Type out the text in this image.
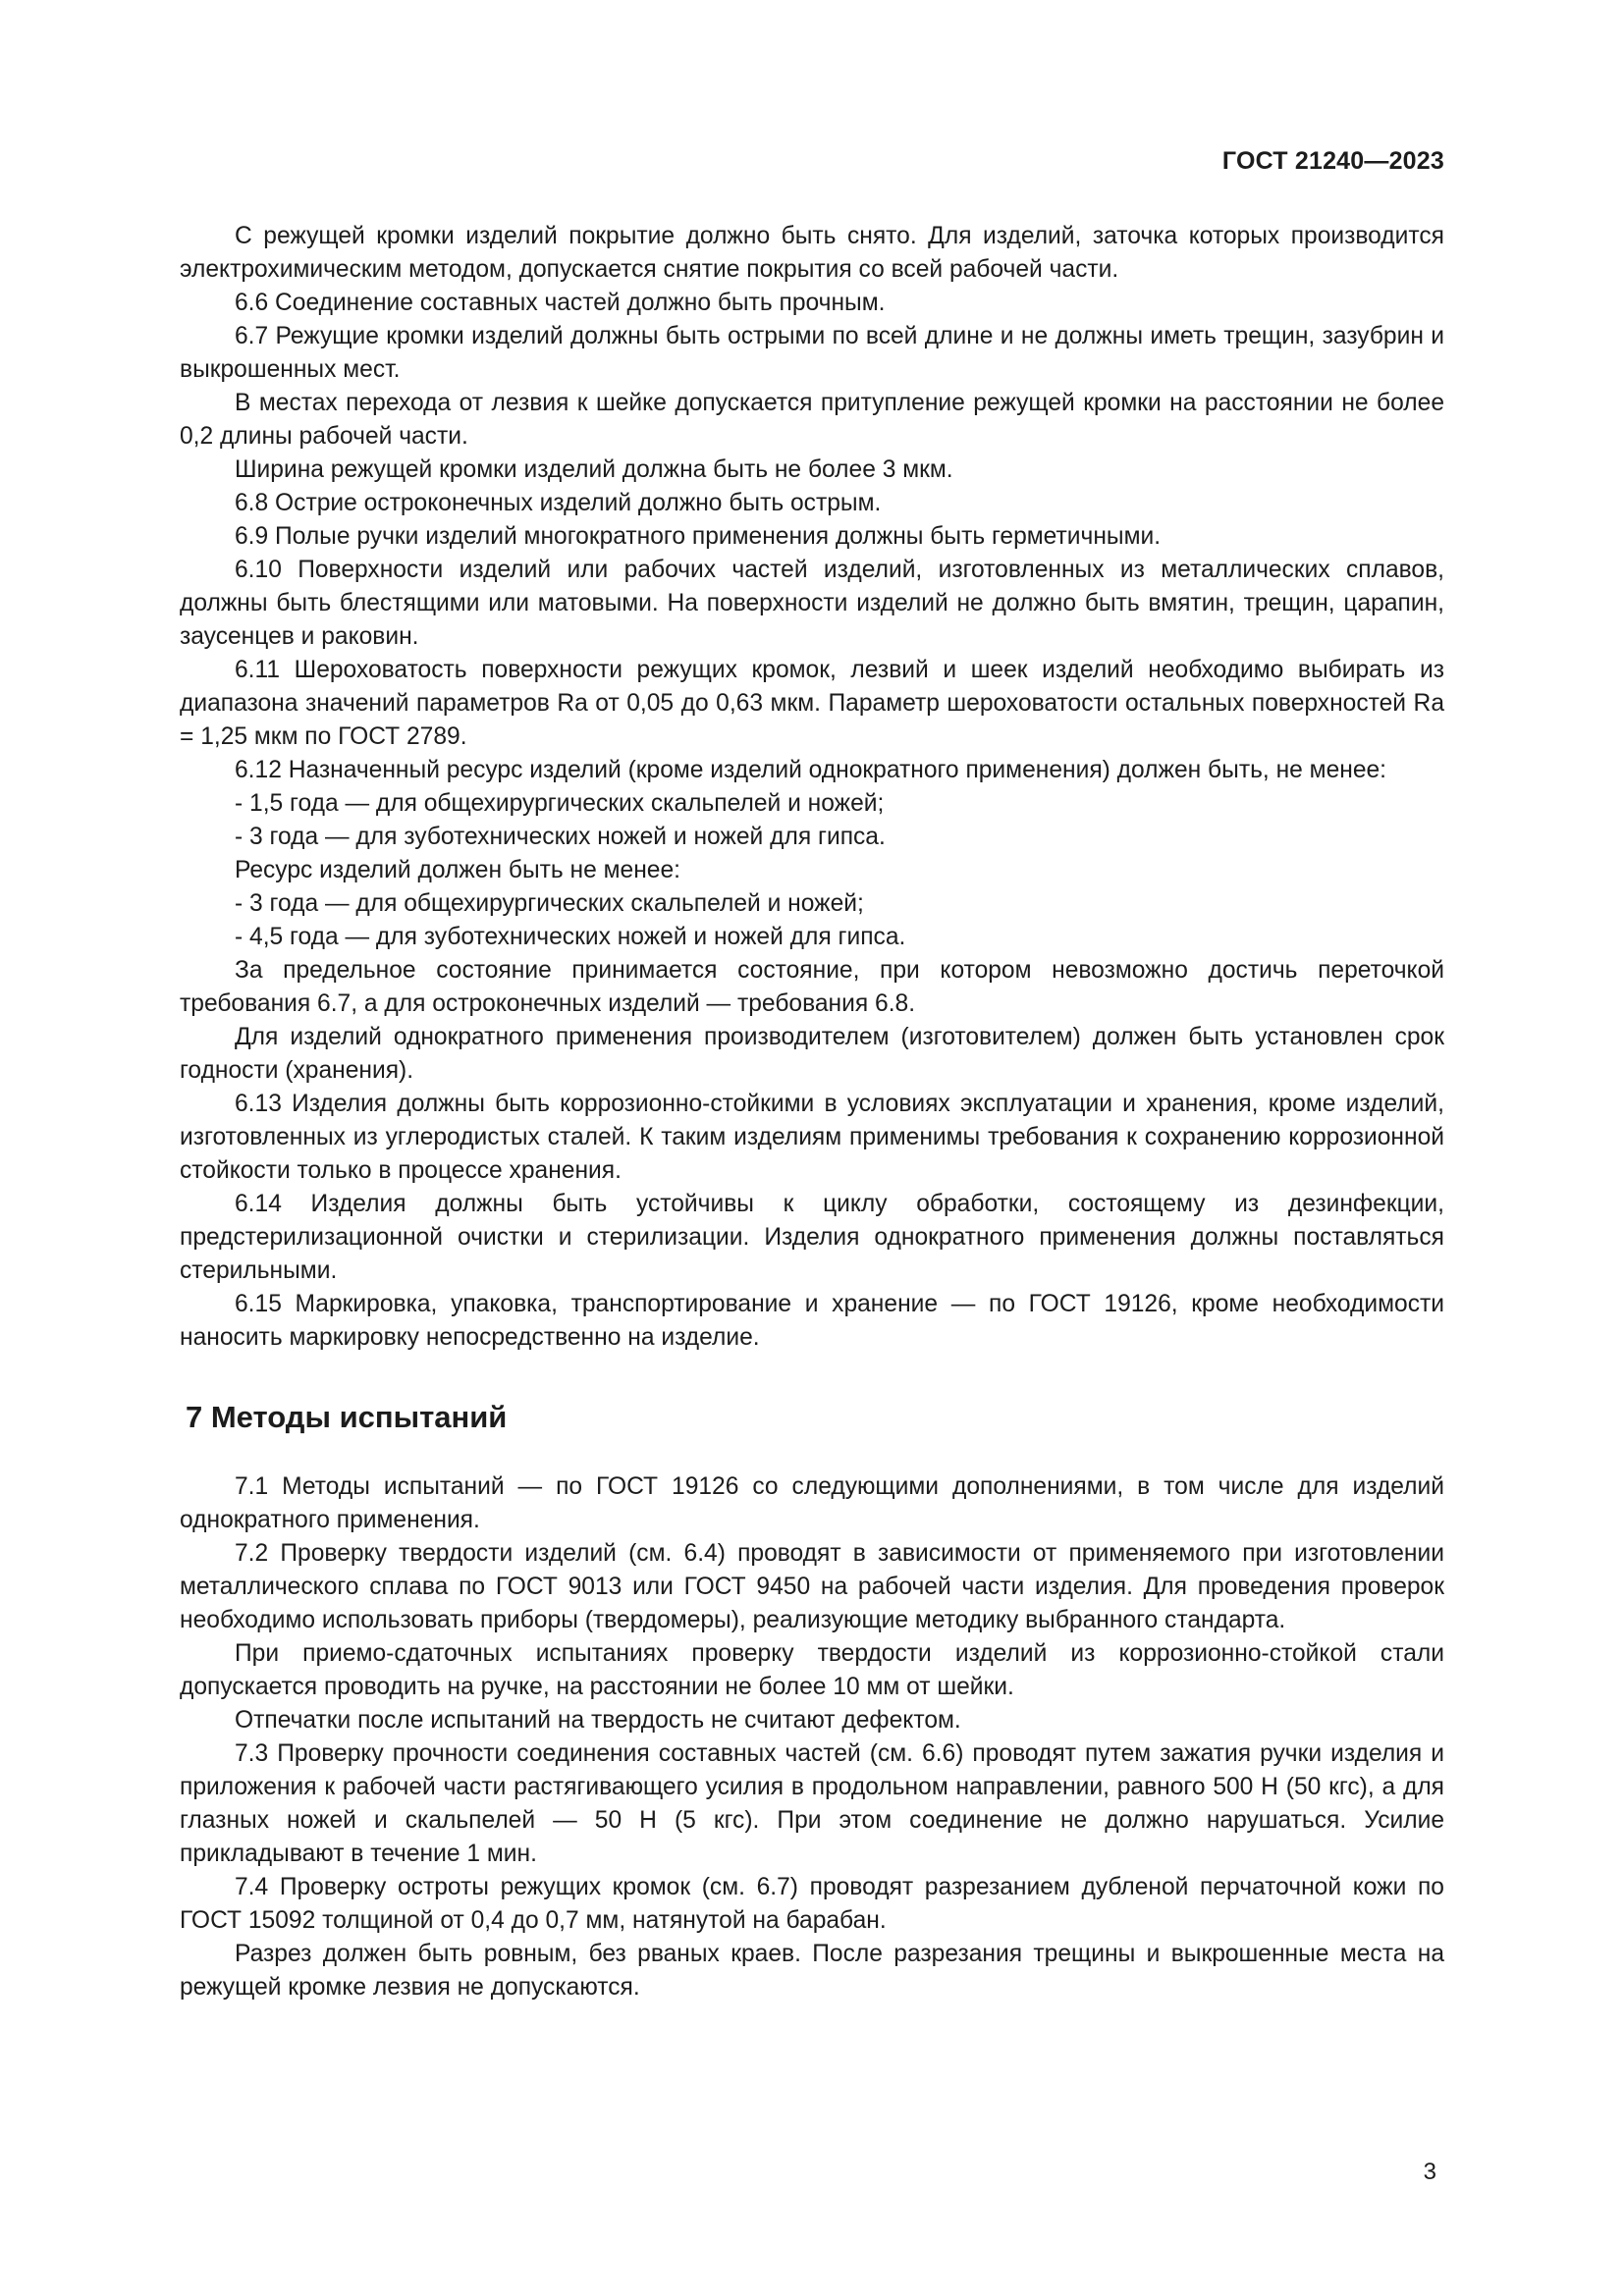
ГОСТ 21240—2023

С режущей кромки изделий покрытие должно быть снято. Для изделий, заточка которых производится электрохимическим методом, допускается снятие покрытия со всей рабочей части.

6.6 Соединение составных частей должно быть прочным.

6.7 Режущие кромки изделий должны быть острыми по всей длине и не должны иметь трещин, зазубрин и выкрошенных мест.

В местах перехода от лезвия к шейке допускается притупление режущей кромки на расстоянии не более 0,2 длины рабочей части.

Ширина режущей кромки изделий должна быть не более 3 мкм.

6.8 Острие остроконечных изделий должно быть острым.

6.9 Полые ручки изделий многократного применения должны быть герметичными.

6.10 Поверхности изделий или рабочих частей изделий, изготовленных из металлических сплавов, должны быть блестящими или матовыми. На поверхности изделий не должно быть вмятин, трещин, царапин, заусенцев и раковин.

6.11 Шероховатость поверхности режущих кромок, лезвий и шеек изделий необходимо выбирать из диапазона значений параметров Ra от 0,05 до 0,63 мкм. Параметр шероховатости остальных поверхностей Ra = 1,25 мкм по ГОСТ 2789.

6.12 Назначенный ресурс изделий (кроме изделий однократного применения) должен быть, не менее:

- 1,5 года — для общехирургических скальпелей и ножей;

- 3 года — для зуботехнических ножей и ножей для гипса.

Ресурс изделий должен быть не менее:

- 3 года — для общехирургических скальпелей и ножей;

- 4,5 года — для зуботехнических ножей и ножей для гипса.

За предельное состояние принимается состояние, при котором невозможно достичь переточкой требования 6.7, а для остроконечных изделий — требования 6.8.

Для изделий однократного применения производителем (изготовителем) должен быть установлен срок годности (хранения).

6.13 Изделия должны быть коррозионно-стойкими в условиях эксплуатации и хранения, кроме изделий, изготовленных из углеродистых сталей. К таким изделиям применимы требования к сохранению коррозионной стойкости только в процессе хранения.

6.14 Изделия должны быть устойчивы к циклу обработки, состоящему из дезинфекции, предстерилизационной очистки и стерилизации. Изделия однократного применения должны поставляться стерильными.

6.15 Маркировка, упаковка, транспортирование и хранение — по ГОСТ 19126, кроме необходимости наносить маркировку непосредственно на изделие.

7 Методы испытаний

7.1 Методы испытаний — по ГОСТ 19126 со следующими дополнениями, в том числе для изделий однократного применения.

7.2 Проверку твердости изделий (см. 6.4) проводят в зависимости от применяемого при изготовлении металлического сплава по ГОСТ 9013 или ГОСТ 9450 на рабочей части изделия. Для проведения проверок необходимо использовать приборы (твердомеры), реализующие методику выбранного стандарта.

При приемо-сдаточных испытаниях проверку твердости изделий из коррозионно-стойкой стали допускается проводить на ручке, на расстоянии не более 10 мм от шейки.

Отпечатки после испытаний на твердость не считают дефектом.

7.3 Проверку прочности соединения составных частей (см. 6.6) проводят путем зажатия ручки изделия и приложения к рабочей части растягивающего усилия в продольном направлении, равного 500 Н (50 кгс), а для глазных ножей и скальпелей — 50 Н (5 кгс). При этом соединение не должно нарушаться. Усилие прикладывают в течение 1 мин.

7.4 Проверку остроты режущих кромок (см. 6.7) проводят разрезанием дубленой перчаточной кожи по ГОСТ 15092 толщиной от 0,4 до 0,7 мм, натянутой на барабан.

Разрез должен быть ровным, без рваных краев. После разрезания трещины и выкрошенные места на режущей кромке лезвия не допускаются.

3
